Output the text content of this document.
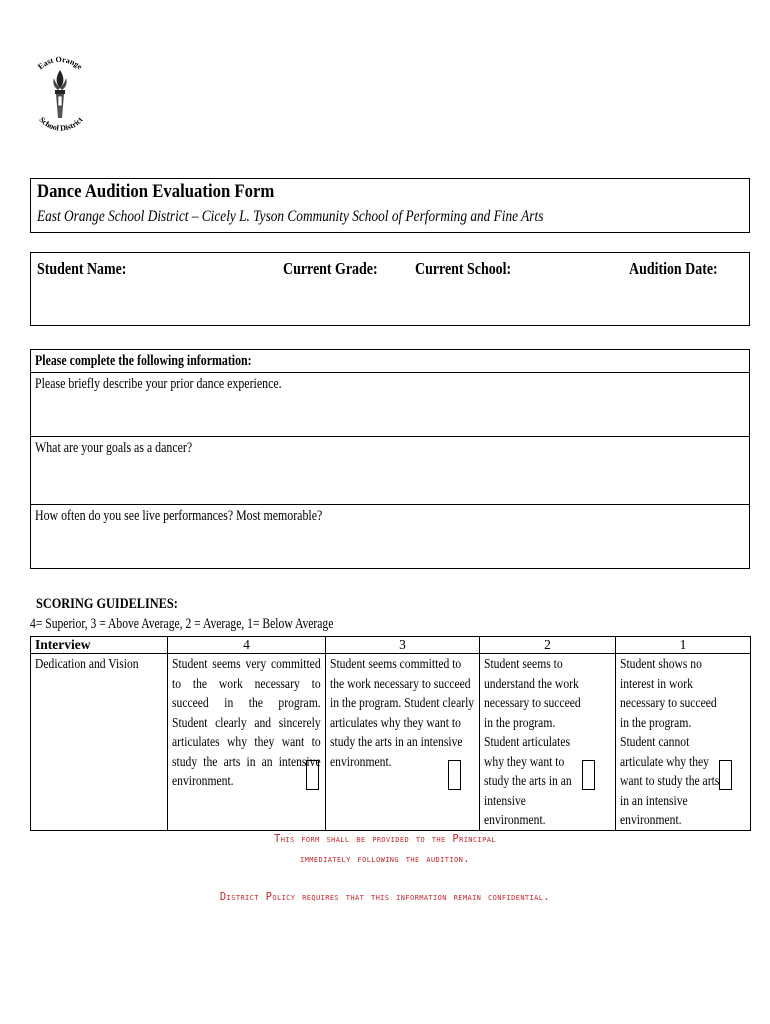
East Orange
School District
Dance Audition Evaluation Form
East Orange School District – Cicely L. Tyson Community School of Performing and Fine Arts
Student Name:	Current Grade: Current School:	Audition Date:
Please complete the following information:
Please briefly describe your prior dance experience.
What are your goals as a dancer?
How often do you see live performances? Most memorable?
SCORING GUIDELINES:
4= Superior, 3 = Above Average, 2 = Average, 1= Below Average
Interview	4	3	2	1

Dedication and Vision	Student seems very committed to the work necessary to succeed in the program. Student clearly and sincerely articulates why they want to study the arts in an intensive environment.	Student seems committed to the work necessary to succeed in the program. Student clearly articulates why they want to study the arts in an intensive environment.	Student seems to understand the work necessary to succeed in the program. Student articulates why they want to study the arts in an intensive environment.	Student shows no interest in work necessary to succeed in the program. Student cannot articulate why they want to study the arts in an intensive environment.
This form shall be provided to the Principal
immediately following the audition.
District Policy requires that this information remain confidential.
